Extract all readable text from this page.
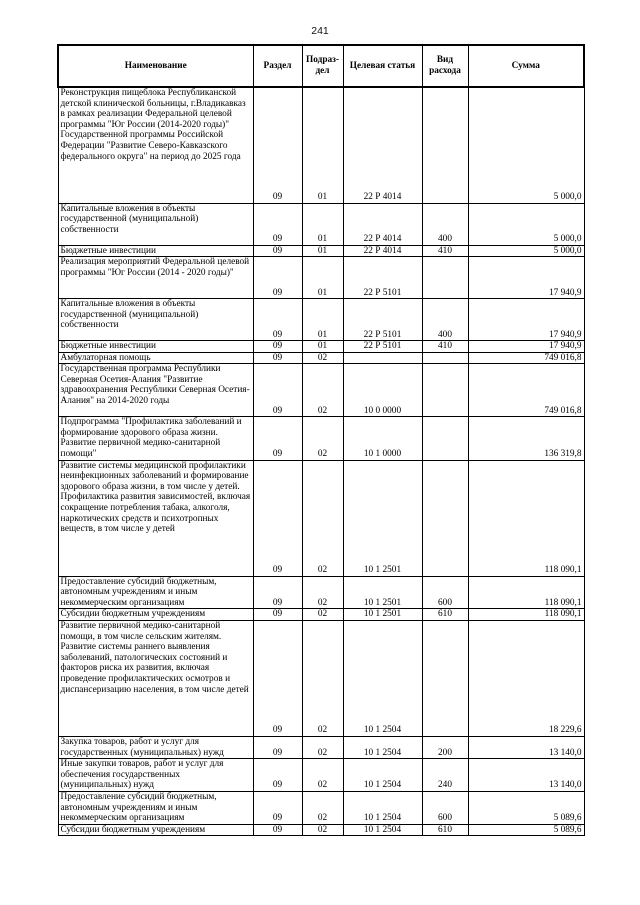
241
Наименование	Раздел	Подраз-дел	Целевая статья	Вид расхода	Сумма
Реконструкция пищеблока Республиканской детской клинической больницы, г.Владикавказ в рамках реализации Федеральной целевой программы "Юг России (2014-2020 годы)" Государственной программы Российской Федерации "Развитие Северо-Кавказского федерального округа" на период до 2025 года	09	01	22 Р 4014		5 000,0
Капитальные вложения в объекты государственной (муниципальной) собственности	09	01	22 Р 4014	400	5 000,0
Бюджетные инвестиции	09	01	22 Р 4014	410	5 000,0
Реализация мероприятий Федеральной целевой программы "Юг России (2014 - 2020 годы)"	09	01	22 Р 5101		17 940,9
Капитальные вложения в объекты государственной (муниципальной) собственности	09	01	22 Р 5101	400	17 940,9
Бюджетные инвестиции	09	01	22 Р 5101	410	17 940,9
Амбулаторная помощь	09	02			749 016,8
Государственная программа Республики Северная Осетия-Алания "Развитие здравоохранения Республики Северная Осетия-Алания" на 2014-2020 годы	09	02	10 0 0000		749 016,8
Подпрограмма "Профилактика заболеваний и формирование здорового образа жизни. Развитие первичной медико-санитарной помощи"	09	02	10 1 0000		136 319,8
Развитие системы медицинской профилактики неинфекционных заболеваний и формирование здорового образа жизни, в том числе у детей. Профилактика развития зависимостей, включая сокращение потребления табака, алкоголя, наркотических средств и психотропных веществ, в том числе у детей	09	02	10 1 2501		118 090,1
Предоставление субсидий бюджетным, автономным учреждениям и иным некоммерческим организациям	09	02	10 1 2501	600	118 090,1
Субсидии бюджетным учреждениям	09	02	10 1 2501	610	118 090,1
Развитие первичной медико-санитарной помощи, в том числе сельским жителям. Развитие системы раннего выявления заболеваний, патологических состояний и факторов риска их развития, включая проведение профилактических осмотров и диспансеризацию населения, в том числе детей	09	02	10 1 2504		18 229,6
Закупка товаров, работ и услуг для государственных (муниципальных) нужд	09	02	10 1 2504	200	13 140,0
Иные закупки товаров, работ и услуг для обеспечения государственных (муниципальных) нужд	09	02	10 1 2504	240	13 140,0
Предоставление субсидий бюджетным, автономным учреждениям и иным некоммерческим организациям	09	02	10 1 2504	600	5 089,6
Субсидии бюджетным учреждениям	09	02	10 1 2504	610	5 089,6
